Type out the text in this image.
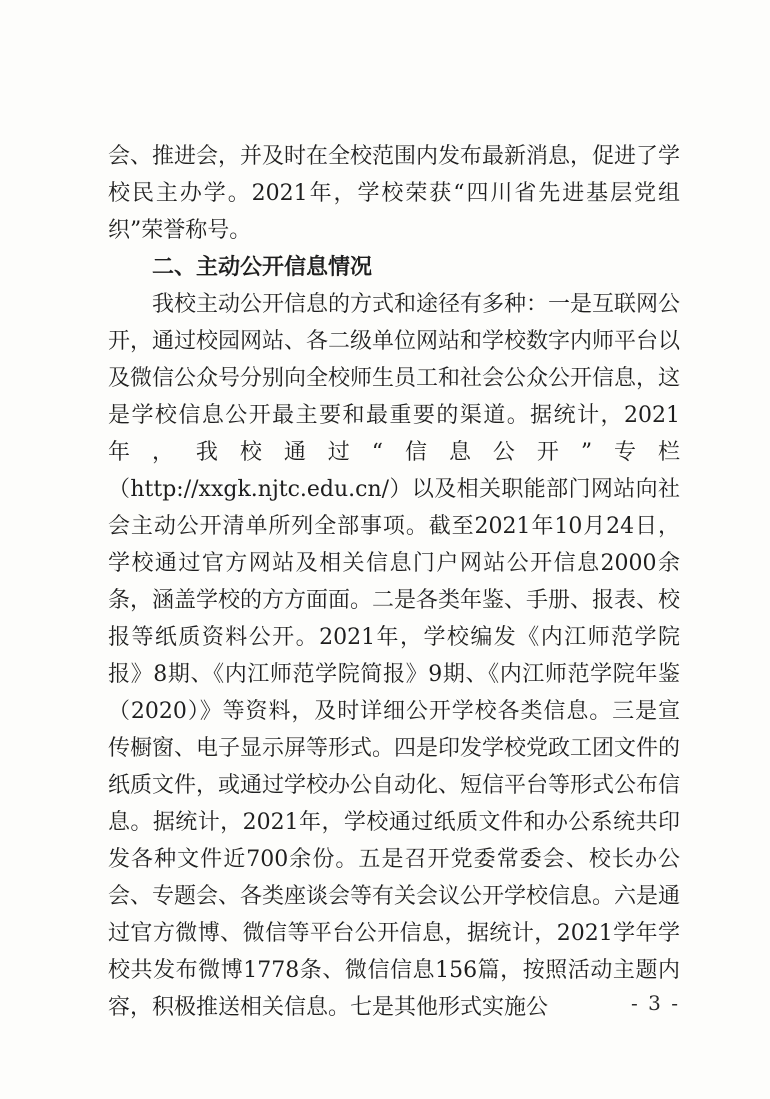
会、推进会，并及时在全校范围内发布最新消息，促进了学校民主办学。2021年，学校荣获“四川省先进基层党组织”荣誉称号。

二、主动公开信息情况

我校主动公开信息的方式和途径有多种：一是互联网公开，通过校园网站、各二级单位网站和学校数字内师平台以及微信公众号分别向全校师生员工和社会公众公开信息，这是学校信息公开最主要和最重要的渠道。据统计，2021年，我校通过“信息公开”专栏（http://xxgk.njtc.edu.cn/）以及相关职能部门网站向社会主动公开清单所列全部事项。截至2021年10月24日，学校通过官方网站及相关信息门户网站公开信息2000余条，涵盖学校的方方面面。二是各类年鉴、手册、报表、校报等纸质资料公开。2021年，学校编发《内江师范学院报》8期、《内江师范学院简报》9期、《内江师范学院年鉴（2020）》等资料，及时详细公开学校各类信息。三是宣传橱窗、电子显示屏等形式。四是印发学校党政工团文件的纸质文件，或通过学校办公自动化、短信平台等形式公布信息。据统计，2021年，学校通过纸质文件和办公系统共印发各种文件近700余份。五是召开党委常委会、校长办公会、专题会、各类座谈会等有关会议公开学校信息。六是通过官方微博、微信等平台公开信息，据统计，2021学年学校共发布微博1778条、微信信息156篇，按照活动主题内容，积极推送相关信息。七是其他形式实施公	- 3 -
